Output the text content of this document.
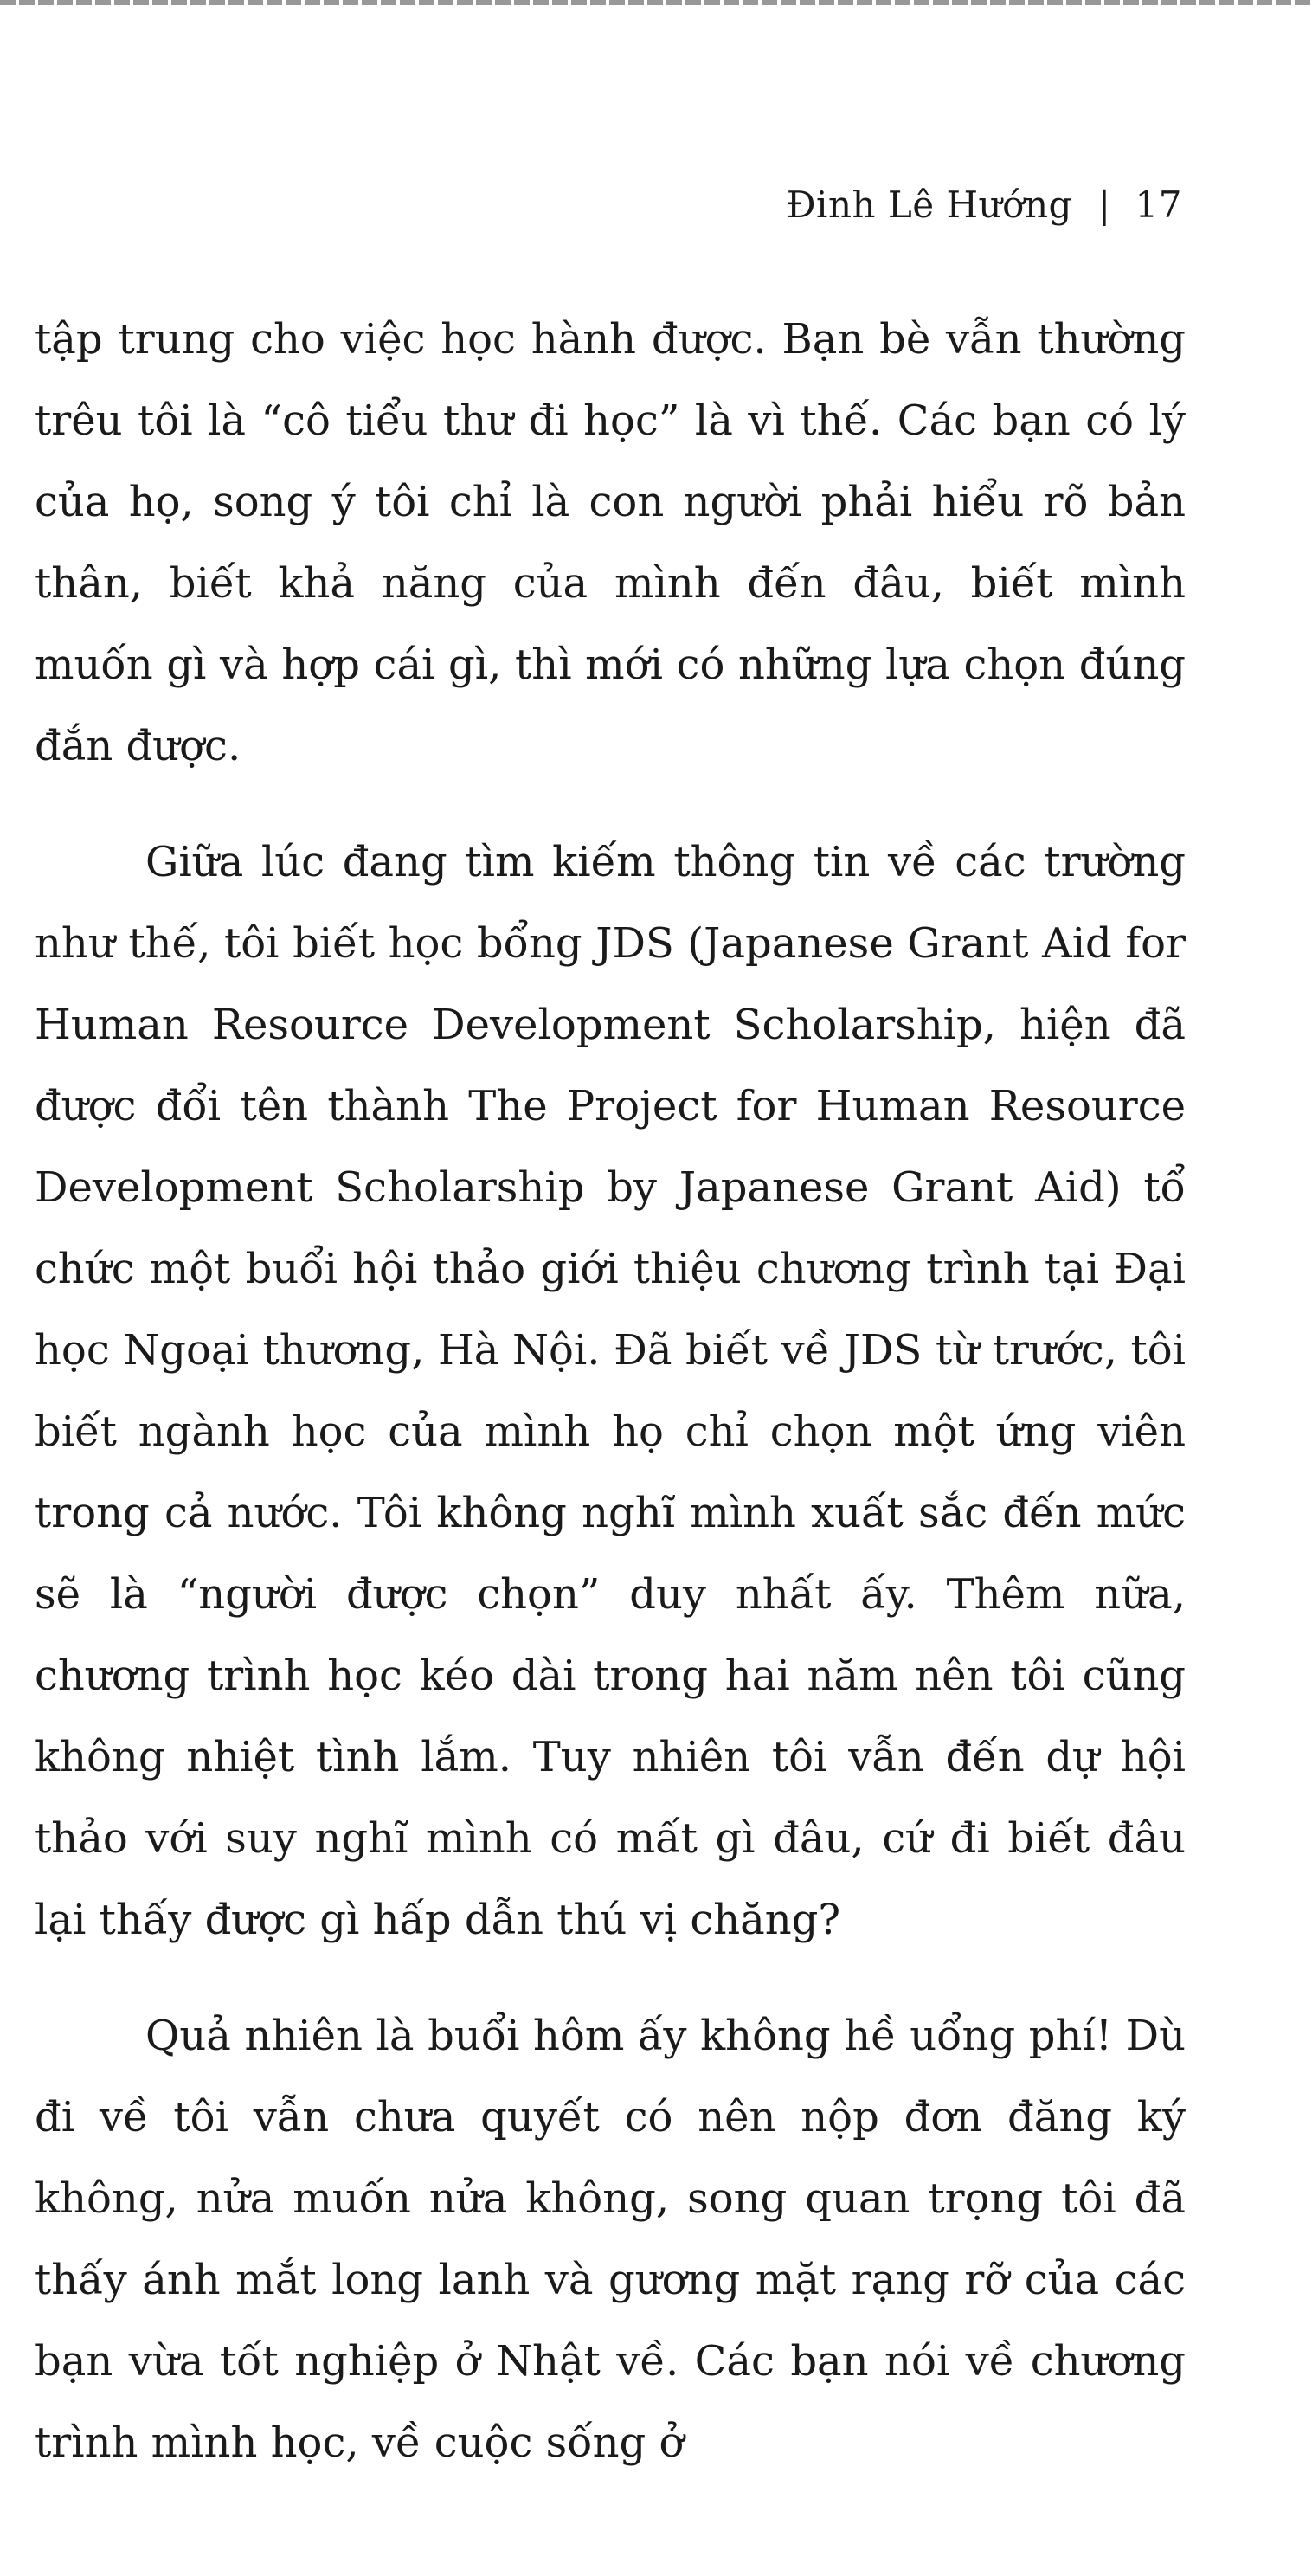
Đinh Lê Hướng | 17

tập trung cho việc học hành được. Bạn bè vẫn thường trêu tôi là “cô tiểu thư đi học” là vì thế. Các bạn có lý của họ, song ý tôi chỉ là con người phải hiểu rõ bản thân, biết khả năng của mình đến đâu, biết mình muốn gì và hợp cái gì, thì mới có những lựa chọn đúng đắn được.

Giữa lúc đang tìm kiếm thông tin về các trường như thế, tôi biết học bổng JDS (Japanese Grant Aid for Human Resource Development Scholarship, hiện đã được đổi tên thành The Project for Human Resource Development Scholarship by Japanese Grant Aid) tổ chức một buổi hội thảo giới thiệu chương trình tại Đại học Ngoại thương, Hà Nội. Đã biết về JDS từ trước, tôi biết ngành học của mình họ chỉ chọn một ứng viên trong cả nước. Tôi không nghĩ mình xuất sắc đến mức sẽ là “người được chọn” duy nhất ấy. Thêm nữa, chương trình học kéo dài trong hai năm nên tôi cũng không nhiệt tình lắm. Tuy nhiên tôi vẫn đến dự hội thảo với suy nghĩ mình có mất gì đâu, cứ đi biết đâu lại thấy được gì hấp dẫn thú vị chăng?

Quả nhiên là buổi hôm ấy không hề uổng phí! Dù đi về tôi vẫn chưa quyết có nên nộp đơn đăng ký không, nửa muốn nửa không, song quan trọng tôi đã thấy ánh mắt long lanh và gương mặt rạng rỡ của các bạn vừa tốt nghiệp ở Nhật về. Các bạn nói về chương trình mình học, về cuộc sống ở
